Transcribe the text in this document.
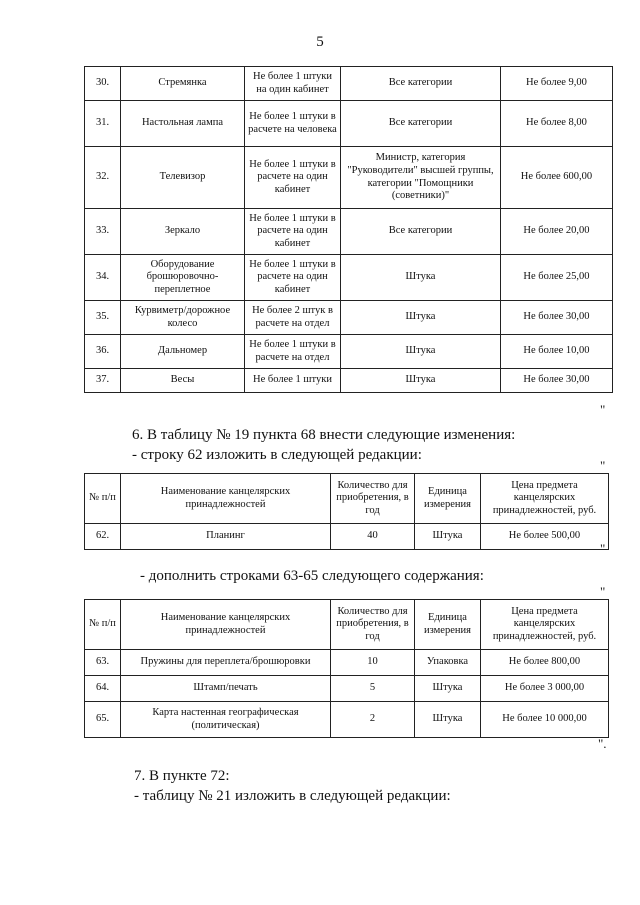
5
30.	Стремянка	Не более 1 штуки на один кабинет	Все категории	Не более 9,00
31.	Настольная лампа	Не более 1 штуки в расчете на человека	Все категории	Не более 8,00
32.	Телевизор	Не более 1 штуки в расчете на один кабинет	Министр, категория "Руководители" высшей группы, категории "Помощники (советники)"	Не более 600,00
33.	Зеркало	Не более 1 штуки в расчете на один кабинет	Все категории	Не более 20,00
34.	Оборудование брошюровочно-переплетное	Не более 1 штуки в расчете на один кабинет	Штука	Не более 25,00
35.	Курвиметр/дорожное колесо	Не более 2 штук в расчете на отдел	Штука	Не более 30,00
36.	Дальномер	Не более 1 штуки в расчете на отдел	Штука	Не более 10,00
37.	Весы	Не более 1 штуки	Штука	Не более 30,00
"
6. В таблицу № 19 пункта 68 внести следующие изменения:
- строку 62 изложить в следующей редакции:
"
№ п/п	Наименование канцелярских принадлежностей	Количество для приобретения, в год	Единица измерения	Цена предмета канцелярских принадлежностей, руб.
62.	Планинг	40	Штука	Не более 500,00
"
- дополнить строками 63-65 следующего содержания:
"
№ п/п	Наименование канцелярских принадлежностей	Количество для приобретения, в год	Единица измерения	Цена предмета канцелярских принадлежностей, руб.
63.	Пружины для переплета/брошюровки	10	Упаковка	Не более 800,00
64.	Штамп/печать	5	Штука	Не более 3 000,00
65.	Карта настенная географическая (политическая)	2	Штука	Не более 10 000,00
".
7. В пункте 72:
- таблицу № 21 изложить в следующей редакции:
